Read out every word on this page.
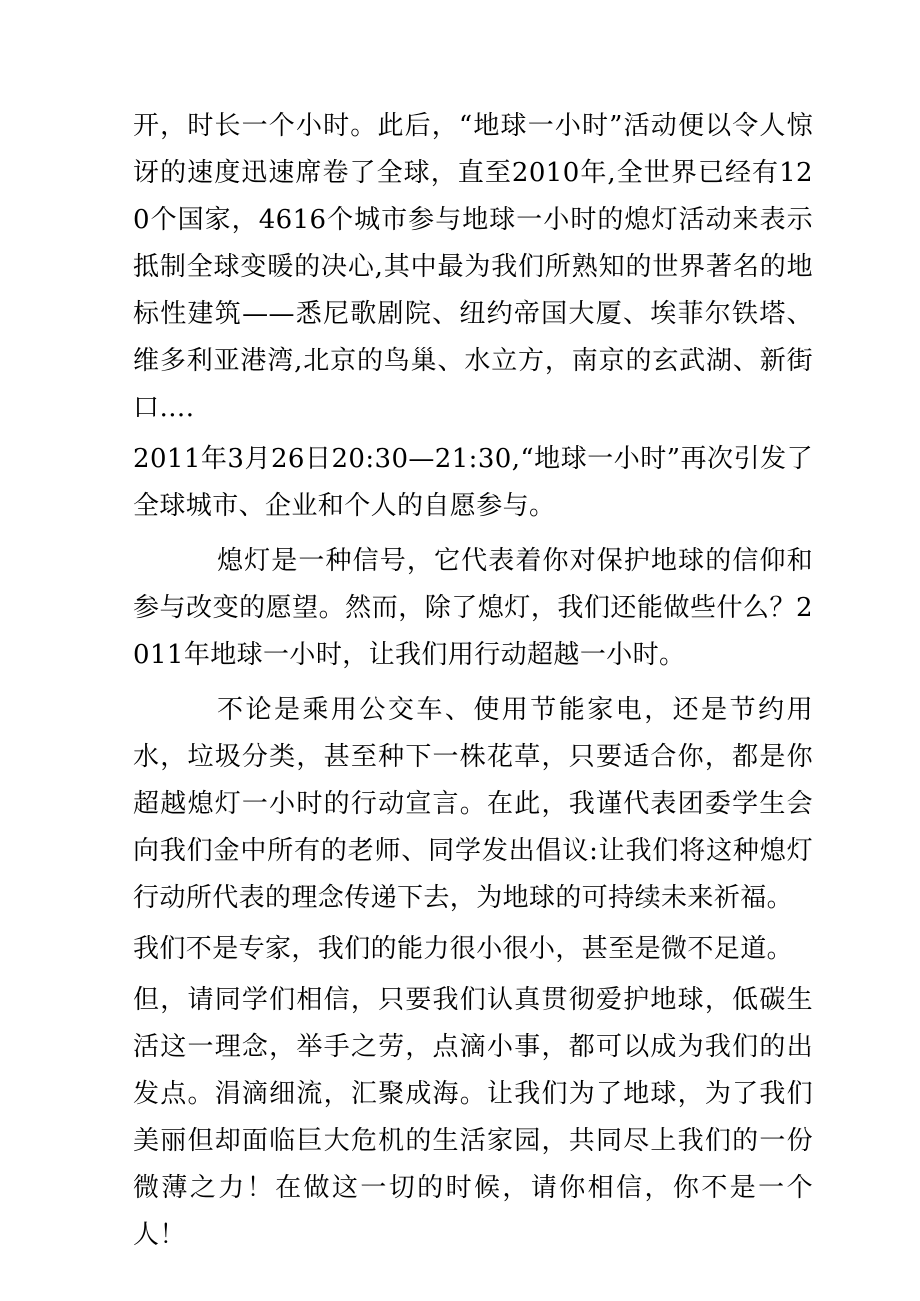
开，时长一个小时。此后，“地球一小时”活动便以令人惊讶的速度迅速席卷了全球，直至2010年,全世界已经有120个国家，4616个城市参与地球一小时的熄灯活动来表示抵制全球变暖的决心,其中最为我们所熟知的世界著名的地标性建筑——悉尼歌剧院、纽约帝国大厦、埃菲尔铁塔、维多利亚港湾,北京的鸟巢、水立方，南京的玄武湖、新街口….

2011年3月26日20:30—21:30,“地球一小时”再次引发了全球城市、企业和个人的自愿参与。

熄灯是一种信号，它代表着你对保护地球的信仰和参与改变的愿望。然而，除了熄灯，我们还能做些什么？2011年地球一小时，让我们用行动超越一小时。

不论是乘用公交车、使用节能家电，还是节约用水，垃圾分类，甚至种下一株花草，只要适合你，都是你超越熄灯一小时的行动宣言。在此，我谨代表团委学生会向我们金中所有的老师、同学发出倡议:让我们将这种熄灯行动所代表的理念传递下去，为地球的可持续未来祈福。

我们不是专家，我们的能力很小很小，甚至是微不足道。

但，请同学们相信，只要我们认真贯彻爱护地球，低碳生活这一理念，举手之劳，点滴小事，都可以成为我们的出发点。涓滴细流，汇聚成海。让我们为了地球，为了我们美丽但却面临巨大危机的生活家园，共同尽上我们的一份微薄之力！在做这一切的时候，请你相信，你不是一个人！
